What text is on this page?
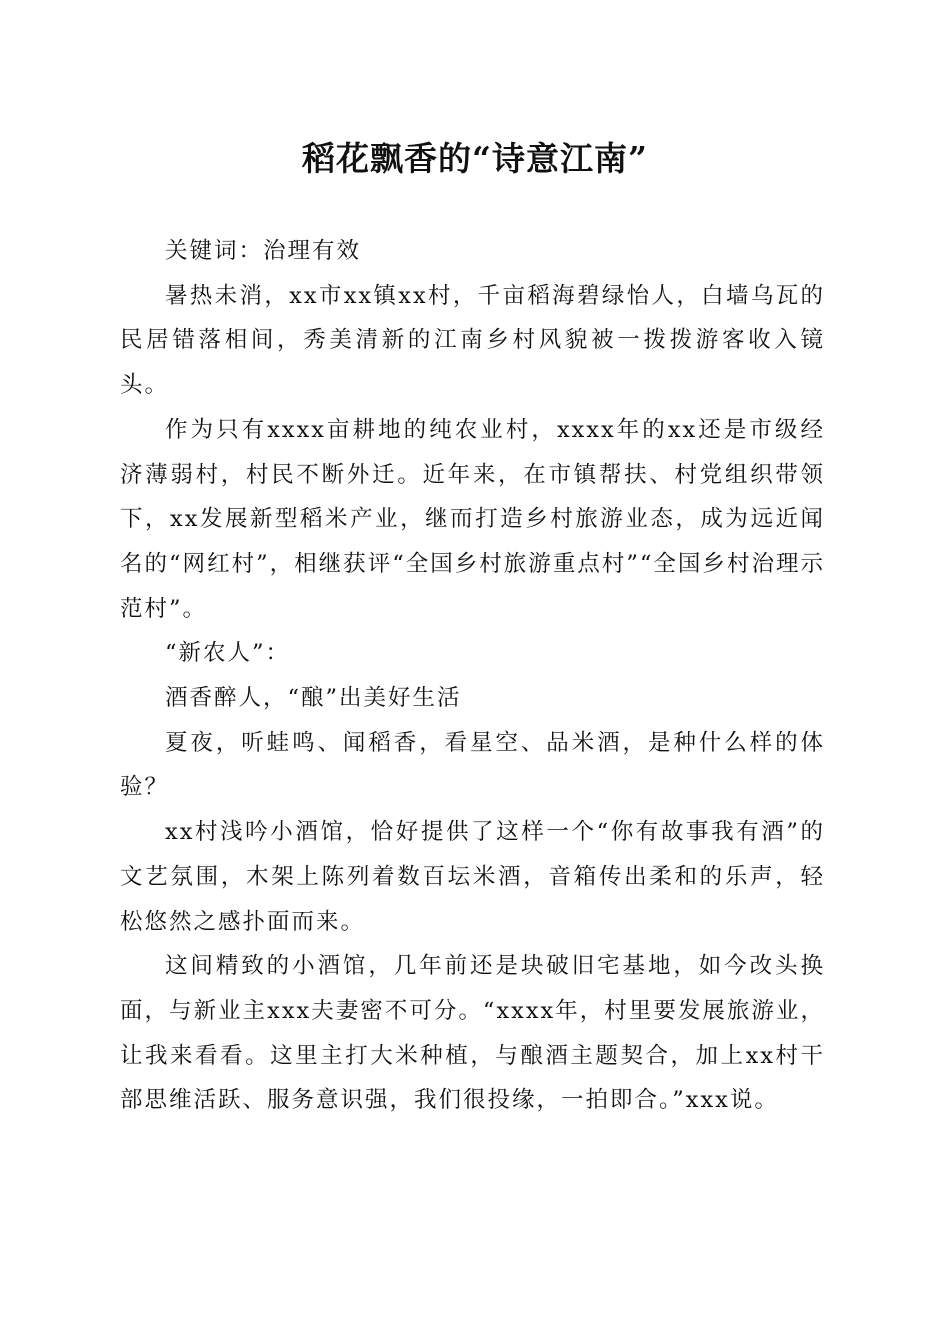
稻花飘香的“诗意江南”

关键词：治理有效

暑热未消，xx市xx镇xx村，千亩稻海碧绿怡人，白墙乌瓦的民居错落相间，秀美清新的江南乡村风貌被一拨拨游客收入镜头。

作为只有xxxx亩耕地的纯农业村，xxxx年的xx还是市级经济薄弱村，村民不断外迁。近年来，在市镇帮扶、村党组织带领下，xx发展新型稻米产业，继而打造乡村旅游业态，成为远近闻名的“网红村”，相继获评“全国乡村旅游重点村”“全国乡村治理示范村”。

“新农人”：

酒香醉人，“酿”出美好生活

夏夜，听蛙鸣、闻稻香，看星空、品米酒，是种什么样的体验？

xx村浅吟小酒馆，恰好提供了这样一个“你有故事我有酒”的文艺氛围，木架上陈列着数百坛米酒，音箱传出柔和的乐声，轻松悠然之感扑面而来。

这间精致的小酒馆，几年前还是块破旧宅基地，如今改头换面，与新业主xxx夫妻密不可分。“xxxx年，村里要发展旅游业，让我来看看。这里主打大米种植，与酿酒主题契合，加上xx村干部思维活跃、服务意识强，我们很投缘，一拍即合。”xxx说。
